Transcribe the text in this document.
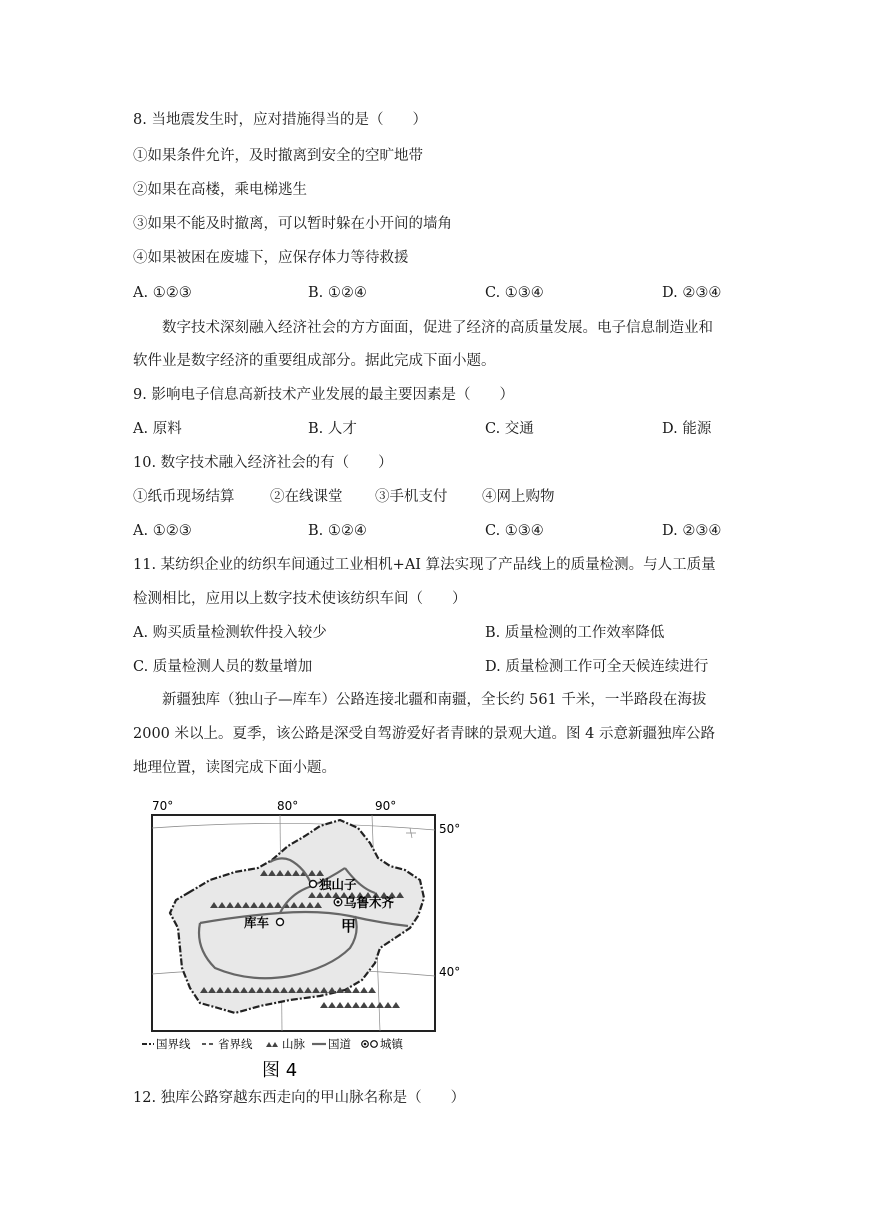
8. 当地震发生时，应对措施得当的是（　　）
①如果条件允许，及时撤离到安全的空旷地带
②如果在高楼，乘电梯逃生
③如果不能及时撤离，可以暂时躲在小开间的墙角
④如果被困在废墟下，应保存体力等待救援
A. ①②③	B. ①②④	C. ①③④	D. ②③④
数字技术深刻融入经济社会的方方面面，促进了经济的高质量发展。电子信息制造业和
软件业是数字经济的重要组成部分。据此完成下面小题。
9. 影响电子信息高新技术产业发展的最主要因素是（　　）
A. 原料	B. 人才	C. 交通	D. 能源
10. 数字技术融入经济社会的有（　　）
①纸币现场结算 ②在线课堂 ③手机支付 ④网上购物
A. ①②③	B. ①②④	C. ①③④	D. ②③④
11. 某纺织企业的纺织车间通过工业相机+AI 算法实现了产品线上的质量检测。与人工质量
检测相比，应用以上数字技术使该纺织车间（　　）
A. 购买质量检测软件投入较少	B. 质量检测的工作效率降低
C. 质量检测人员的数量增加	D. 质量检测工作可全天候连续进行
新疆独库（独山子—库车）公路连接北疆和南疆，全长约 561 千米，一半路段在海拔
2000 米以上。夏季，该公路是深受自驾游爱好者青睐的景观大道。图 4 示意新疆独库公路
地理位置，读图完成下面小题。
70°	80°	90°
50°
40°
独山子
乌鲁木齐
库车	甲
国界线 省界线	山脉 国道	城镇
图 4
12. 独库公路穿越东西走向的甲山脉名称是（　　）
